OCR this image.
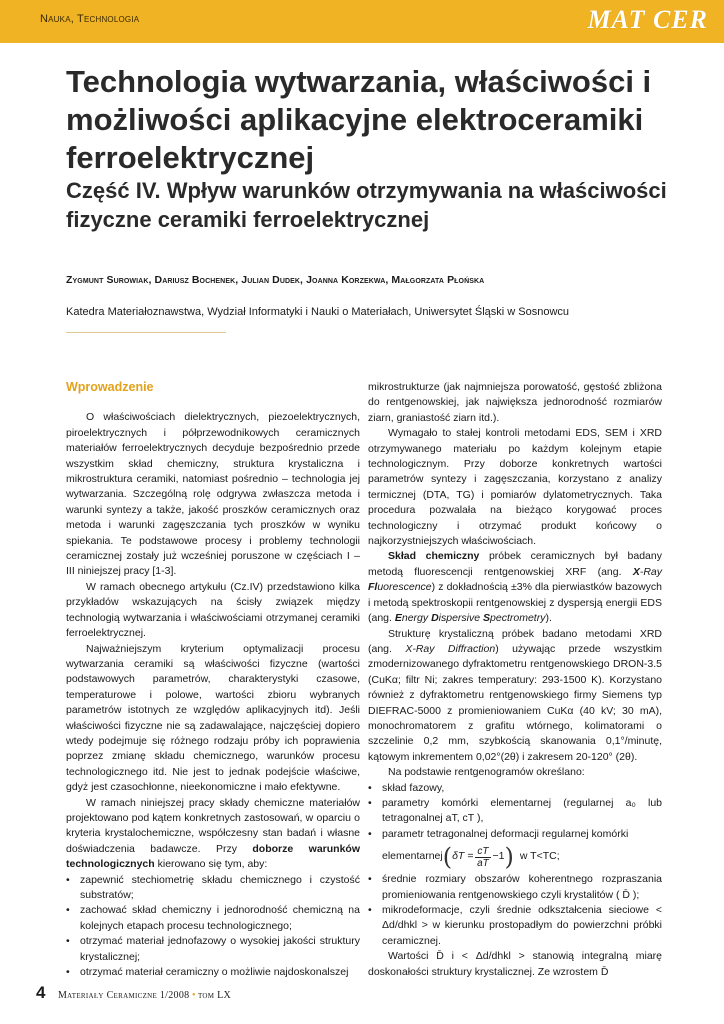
Nauka, Technologia	MAT CER
Technologia wytwarzania, właściwości i możliwości aplikacyjne elektroceramiki ferroelektrycznej
Część IV. Wpływ warunków otrzymywania na właściwości fizyczne ceramiki ferroelektrycznej
Zygmunt Surowiak, Dariusz Bochenek, Julian Dudek, Joanna Korzekwa, Małgorzata Płońska
Katedra Materiałoznawstwa, Wydział Informatyki i Nauki o Materiałach, Uniwersytet Śląski w Sosnowcu
Wprowadzenie

O właściwościach dielektrycznych, piezoelektrycznych, piroelektrycznych i półprzewodnikowych ceramicznych materiałów ferroelektrycznych decyduje bezpośrednio przede wszystkim skład chemiczny, struktura krystaliczna i mikrostruktura ceramiki, natomiast pośrednio – technologia jej wytwarzania. Szczególną rolę odgrywa zwłaszcza metoda i warunki syntezy a także, jakość proszków ceramicznych oraz metoda i warunki zagęszczania tych proszków w wyniku spiekania. Te podstawowe procesy i problemy technologii ceramicznej zostały już wcześniej poruszone w częściach I – III niniejszej pracy [1-3].

W ramach obecnego artykułu (Cz.IV) przedstawiono kilka przykładów wskazujących na ścisły związek między technologią wytwarzania i właściwościami otrzymanej ceramiki ferroelektrycznej.

Najważniejszym kryterium optymalizacji procesu wytwarzania ceramiki są właściwości fizyczne (wartości podstawowych parametrów, charakterystyki czasowe, temperaturowe i polowe, wartości zbioru wybranych parametrów istotnych ze względów aplikacyjnych itd). Jeśli właściwości fizyczne nie są zadawalające, najczęściej dopiero wtedy podejmuje się różnego rodzaju próby ich poprawienia poprzez zmianę składu chemicznego, warunków procesu technologicznego itd. Nie jest to jednak podejście właściwe, gdyż jest czasochłonne, nieekonomiczne i mało efektywne.

W ramach niniejszej pracy składy chemiczne materiałów projektowano pod kątem konkretnych zastosowań, w oparciu o kryteria krystalochemiczne, współczesny stan badań i własne doświadczenia badawcze. Przy doborze warunków technologicznych kierowano się tym, aby:

• zapewnić stechiometrię składu chemicznego i czystość substratów;
• zachować skład chemiczny i jednorodność chemiczną na kolejnych etapach procesu technologicznego;
• otrzymać materiał jednofazowy o wysokiej jakości struktury krystalicznej;
• otrzymać materiał ceramiczny o możliwie najdoskonalszej

mikrostrukturze (jak najmniejsza porowatość, gęstość zbliżona do rentgenowskiej, jak największa jednorodność rozmiarów ziarn, graniastość ziarn itd.).

Wymagało to stałej kontroli metodami EDS, SEM i XRD otrzymywanego materiału po każdym kolejnym etapie technologicznym. Przy doborze konkretnych wartości parametrów syntezy i zagęszczania, korzystano z analizy termicznej (DTA, TG) i pomiarów dylatometrycznych. Taka procedura pozwalała na bieżąco korygować proces technologiczny i otrzymać produkt końcowy o najkorzystniejszych właściwościach.

Skład chemiczny próbek ceramicznych był badany metodą fluorescencji rentgenowskiej XRF (ang. X-Ray Fluorescence) z dokładnością ±3% dla pierwiastków bazowych i metodą spektroskopii rentgenowskiej z dyspersją energii EDS (ang. Energy Dispersive Spectrometry).

Strukturę krystaliczną próbek badano metodami XRD (ang. X-Ray Diffraction) używając przede wszystkim zmodernizowanego dyfraktometru rentgenowskiego DRON-3.5 (CuKα; filtr Ni; zakres temperatury: 293-1500 K). Korzystano również z dyfraktometru rentgenowskiego firmy Siemens typ DIEFRAC-5000 z promieniowaniem CuKα (40 kV; 30 mA), monochromatorem z grafitu wtórnego, kolimatorami o szczelinie 0,2 mm, szybkością skanowania 0,1°/minutę, kątowym inkrementem 0,02°(2θ) i zakresem 20-120° (2θ).

Na podstawie rentgenogramów określano:

• skład fazowy,
• parametry komórki elementarnej (regularnej a₀ lub tetragonalnej aT, cT ),
• parametr tetragonalnej deformacji regularnej komórki
elementarnej ( $\delta T = \frac{cT}{aT} -1$ ) w T<TC;
• średnie rozmiary obszarów koherentnego rozpraszania promieniowania rentgenowskiego czyli krystalitów ( D̄ );
• mikrodeformacje, czyli średnie odkształcenia sieciowe < Δd/dhkl > w kierunku prostopadłym do powierzchni próbki ceramicznej.

Wartości D̄ i < Δd/dhkl > stanowią integralną miarę doskonałości struktury krystalicznej. Ze wzrostem D̄

4 Materiały Ceramiczne 1/2008 • tom LX
